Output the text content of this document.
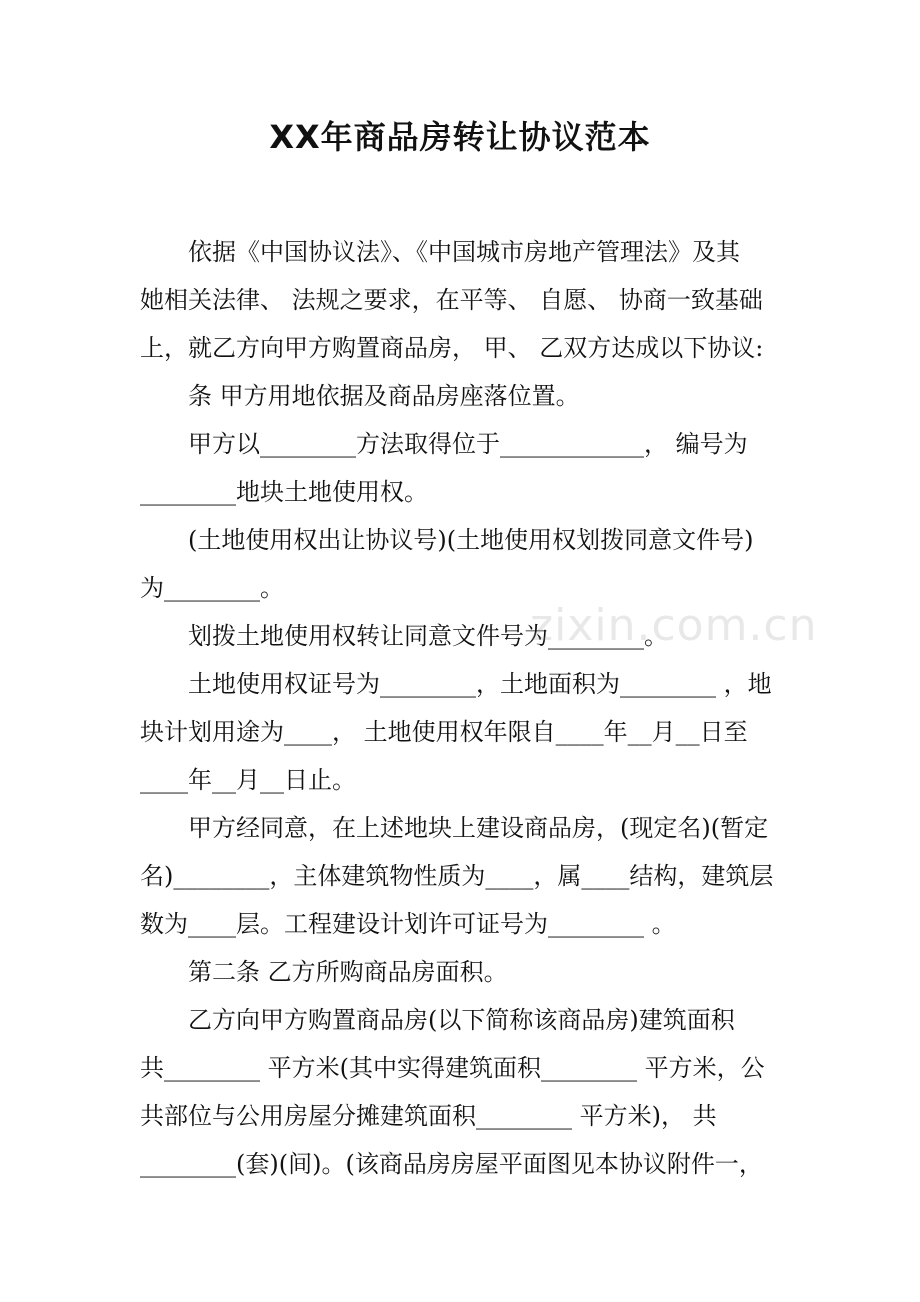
XX年商品房转让协议范本

依据《中国协议法》、《中国城市房地产管理法》及其
她相关法律、 法规之要求，在平等、 自愿、 协商一致基础
上，就乙方向甲方购置商品房， 甲、 乙双方达成以下协议:

条 甲方用地依据及商品房座落位置。

甲方以________方法取得位于____________， 编号为
________地块土地使用权。

(土地使用权出让协议号)(土地使用权划拨同意文件号)
为________。

划拨土地使用权转让同意文件号为________。

土地使用权证号为________，土地面积为________ ，地
块计划用途为____， 土地使用权年限自____年__月__日至
____年__月__日止。

甲方经同意，在上述地块上建设商品房，(现定名)(暂定
名)________，主体建筑物性质为____，属____结构，建筑层
数为____层。工程建设计划许可证号为________ 。

第二条 乙方所购商品房面积。

乙方向甲方购置商品房(以下简称该商品房)建筑面积
共________ 平方米(其中实得建筑面积________ 平方米，公
共部位与公用房屋分摊建筑面积________ 平方米)， 共
________(套)(间)。(该商品房房屋平面图见本协议附件一，

zixin.com.cn
